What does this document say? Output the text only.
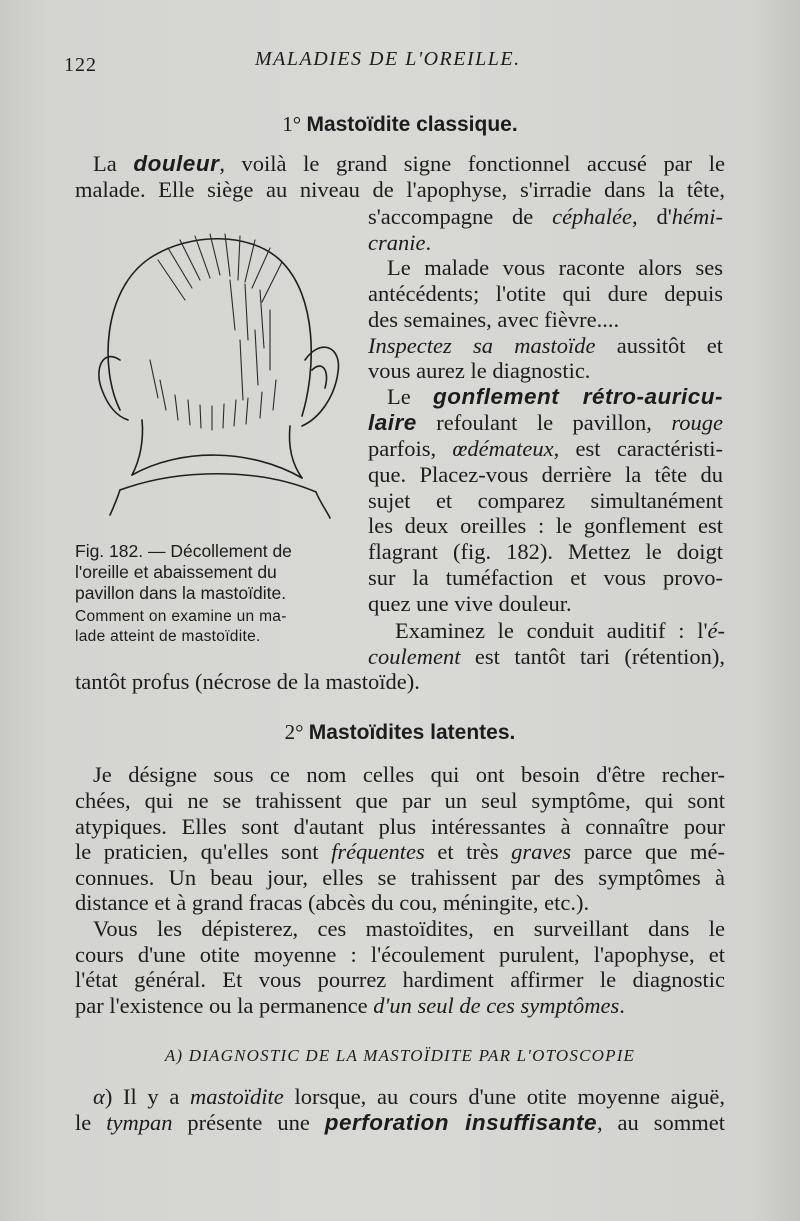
122	MALADIES DE L'OREILLE.
1° Mastoïdite classique.
La douleur, voilà le grand signe fonctionnel accusé par le
malade. Elle siège au niveau de l'apophyse, s'irradie dans la tête,
s'accompagne de céphalée, d'hémi-
cranie.
Le malade vous raconte alors ses
antécédents; l'otite qui dure depuis
des semaines, avec fièvre....
Inspectez sa mastoïde aussitôt et
vous aurez le diagnostic.
Le gonflement rétro-auricu-
laire refoulant le pavillon, rouge
parfois, œdémateux, est caractéristi-
que. Placez-vous derrière la tête du
sujet et comparez simultanément
les deux oreilles : le gonflement est
flagrant (fig. 182). Mettez le doigt
sur la tuméfaction et vous provo-
quez une vive douleur.
Examinez le conduit auditif : l'é-
coulement est tantôt tari (rétention),
tantôt profus (nécrose de la mastoïde).
Fig. 182. — Décollement de
l'oreille et abaissement du
pavillon dans la mastoïdite.
Comment on examine un ma-
lade atteint de mastoïdite.
2° Mastoïdites latentes.
Je désigne sous ce nom celles qui ont besoin d'être recher-
chées, qui ne se trahissent que par un seul symptôme, qui sont
atypiques. Elles sont d'autant plus intéressantes à connaître pour
le praticien, qu'elles sont fréquentes et très graves parce que mé-
connues. Un beau jour, elles se trahissent par des symptômes à
distance et à grand fracas (abcès du cou, méningite, etc.).
Vous les dépisterez, ces mastoïdites, en surveillant dans le
cours d'une otite moyenne : l'écoulement purulent, l'apophyse, et
l'état général. Et vous pourrez hardiment affirmer le diagnostic
par l'existence ou la permanence d'un seul de ces symptômes.
A) DIAGNOSTIC DE LA MASTOÏDITE PAR L'OTOSCOPIE
α) Il y a mastoïdite lorsque, au cours d'une otite moyenne aiguë,
le tympan présente une perforation insuffisante, au sommet
